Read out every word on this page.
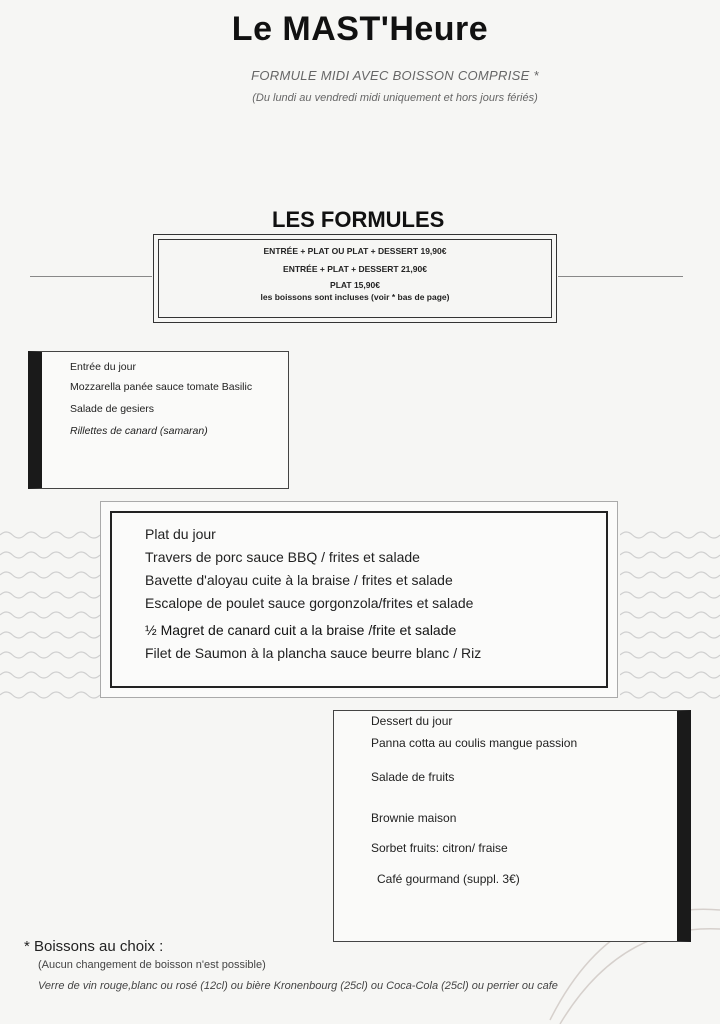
Le MAST'Heure
FORMULE MIDI AVEC BOISSON COMPRISE *
(Du lundi au vendredi midi uniquement et hors jours fériés)
LES FORMULES
ENTRÉE + PLAT OU PLAT + DESSERT 19,90€
ENTRÉE + PLAT + DESSERT 21,90€
PLAT 15,90€
les boissons sont incluses (voir * bas de page)
Entrée du jour
Mozzarella panée sauce tomate Basilic
Salade de gesiers
Rillettes de canard (samaran)
Plat du jour
Travers de porc sauce BBQ / frites et salade
Bavette d'aloyau cuite à la braise / frites et salade
Escalope de poulet sauce gorgonzola/frites et salade
½ Magret de canard cuit a la braise /frite et salade
Filet de Saumon à la plancha sauce beurre blanc / Riz
Dessert du jour
Panna cotta au coulis mangue passion
Salade de fruits
Brownie maison
Sorbet fruits: citron/ fraise
Café gourmand (suppl. 3€)
* Boissons au choix :
(Aucun changement de boisson n'est possible)
Verre de vin rouge,blanc ou rosé (12cl) ou bière Kronenbourg (25cl) ou Coca-Cola (25cl) ou perrier ou cafe
